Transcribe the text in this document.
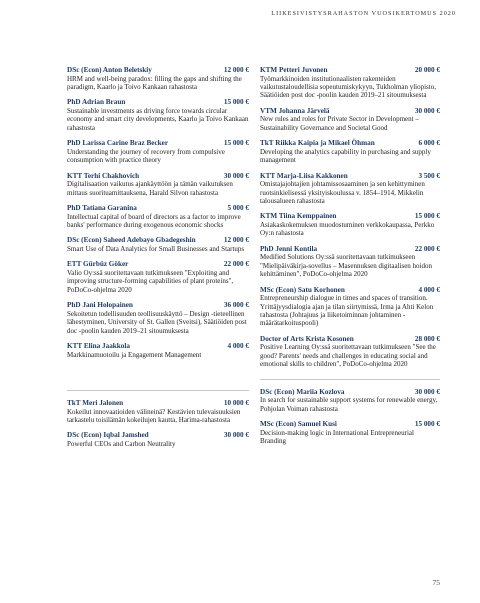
LIIKESIVISTYSRAHASTON VUOSIKERTOMUS 2020
DSc (Econ) Anton Beletskiy	12 000 €
HRM and well-being paradox: filling the gaps and shifting the paradigm, Kaarlo ja Toivo Kankaan rahastosta
PhD Adrian Braun	15 000 €
Sustainable investments as driving force towards circular economy and smart city developments, Kaarlo ja Toivo Kankaan rahastosta
PhD Larissa Carine Braz Becker	15 000 €
Understanding the journey of recovery from compulsive consumption with practice theory
KTT Terhi Chakhovich	30 000 €
Digitalisaation vaikutus ajankäyttöön ja tämän vaikutuksen mittaus suorituamittauksena, Harald Silvon rahastosta
PhD Tatiana Garanina	5 000 €
Intellectual capital of board of directors as a factor to improve banks' performance during exogenous economic shocks
DSc (Econ) Saheed Adebayo Gbadegeshin	12 000 €
Smart Use of Data Analytics for Small Businesses and Startups
ETT Gürbüz Göker	22 000 €
Valio Oy:ssä suoritettavaan tutkimukseen "Exploiting and improving structure-forming capabilities of plant proteins", PoDoCo-ohjelma 2020
PhD Jani Holopainen	36 000 €
Sekoitetun todellisuuden teollisuuskäyttö – Design -tieteellinen lähestyminen, University of St. Gallen (Sveitsi), Säätiöiden post doc -poolin kauden 2019–21 sitoumuksesta
KTT Elina Jaakkola	4 000 €
Markkinamuotoilu ja Engagement Management
TkT Meri Jalonen	10 000 €
Kokeilut innovaatioiden välineinä? Kestävien tulevaisuuksien tarkastelu toisilämän kokeilujen kautta, Harima-rahastosta
DSc (Econ) Iqbal Jamshed	30 000 €
Powerful CEOs and Carbon Neutrality
KTM Petteri Juvonen	20 000 €
Työmarkkinoiden institutionaalisten rakenteiden vaikutustaloudellisia sopeutumiskykyyn, Tukholman yliopisto, Säätiöiden post doc -poolin kauden 2019–21 sitoumuksesta
VTM Johanna Järvelä	30 000 €
New rules and roles for Private Sector in Development – Sustainability Governance and Societal Good
TkT Riikka Kaipia ja Mikael Öhman	6 000 €
Developing the analytics capability in purchasing and supply management
KTT Marja-Liisa Kakkonen	3 500 €
Omistajajohtajien johtamissosaaminen ja sen kehittyminen ruotsinkielisessä yksityiskoulussa v. 1854–1914, Mikkelin talousalueen rahastosta
KTM Tiina Kemppainen	15 000 €
Asiakaskokemuksen muodostuminen verkkokaupassa, Perkko Oy:n rahastosta
PhD Jenni Kontila	22 000 €
Medified Solutions Oy:ssä suoritettavaan tutkimukseen "Mielipäiväkirja-sovellus – Masennuksen digitaalisen hoidon kehittäminen", PoDoCo-ohjelma 2020
MSc (Econ) Satu Korhonen	4 000 €
Entrepreneurship dialogue in times and spaces of transition. Yrittäjyysdialogia ajan ja tilan siirtymissä, Irma ja Ahti Kelon rahastosta (Johtajuus ja liiketoiminnan johtaminen -määrätarkoituspooli)
Doctor of Arts Krista Kosonen	28 000 €
Positive Learning Oy:ssä suoritettavaan tutkimukseen "See the good? Parents' needs and challenges in educating social and emotional skills to children", PoDoCo-ohjelma 2020
DSc (Econ) Mariia Kozlova	30 000 €
In search for sustainable support systems for renewable energy, Pohjolan Voiman rahastosta
MSc (Econ) Samuel Kusi	15 000 €
Decision-making logic in International Entrepreneurial Branding
75
